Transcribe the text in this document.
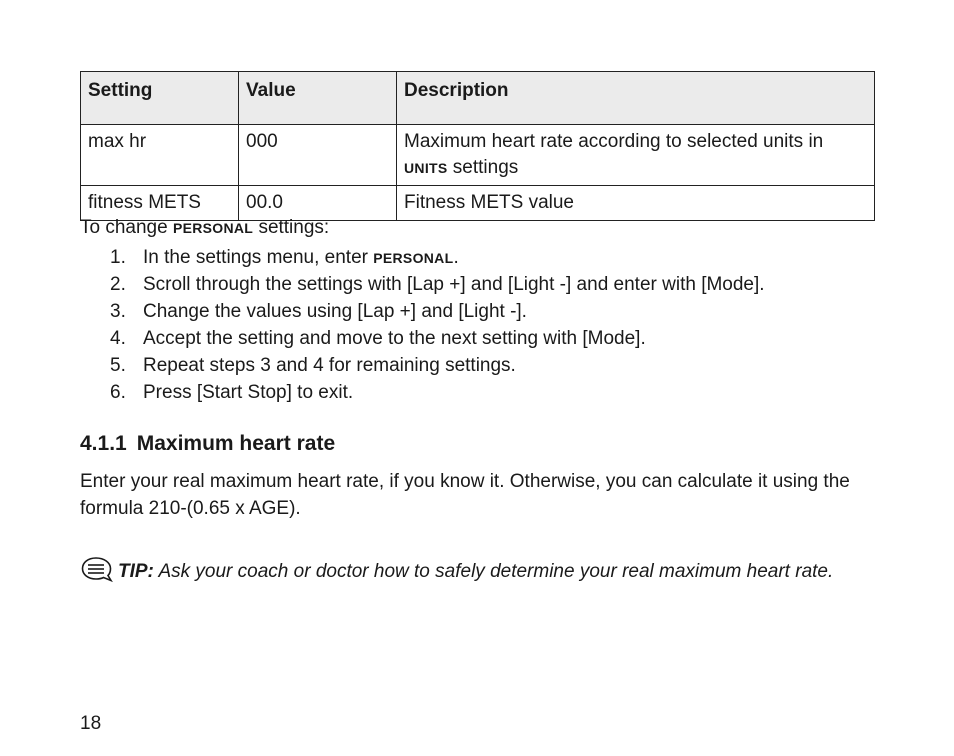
Setting	Value	Description
max hr	000	Maximum heart rate according to selected units in
UNITS settings
fitness METS	00.0	Fitness METS value

To change PERSONAL settings:

1. In the settings menu, enter PERSONAL.
2. Scroll through the settings with [Lap +] and [Light -] and enter with [Mode].
3. Change the values using [Lap +] and [Light -].
4. Accept the setting and move to the next setting with [Mode].
5. Repeat steps 3 and 4 for remaining settings.
6. Press [Start Stop] to exit.
4.1.1 Maximum heart rate

Enter your real maximum heart rate, if you know it. Otherwise, you can calculate it using the formula 210-(0.65 x AGE).

TIP: Ask your coach or doctor how to safely determine your real maximum heart rate.
18
